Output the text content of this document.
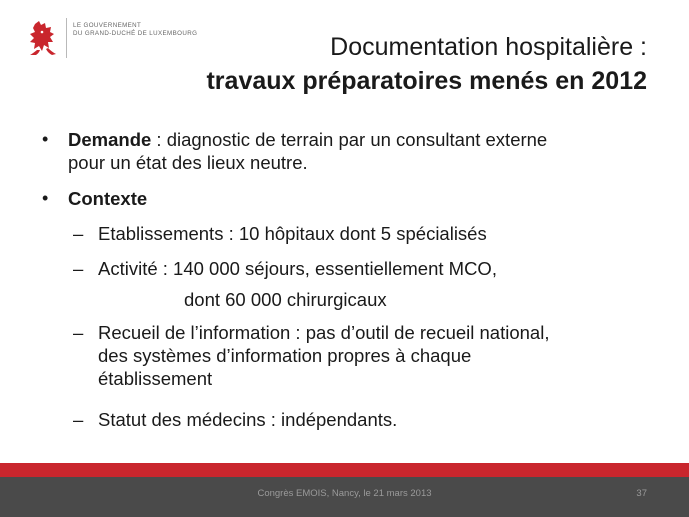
LE GOUVERNEMENT
DU GRAND-DUCHÉ DE LUXEMBOURG	Documentation hospitalière :
travaux préparatoires menés en 2012
• Demande : diagnostic de terrain par un consultant externe
pour un état des lieux neutre.
• Contexte
– Etablissements : 10 hôpitaux dont 5 spécialisés
– Activité : 140 000 séjours, essentiellement MCO,
dont 60 000 chirurgicaux
– Recueil de l’information : pas d’outil de recueil national,
des systèmes d’information propres à chaque
établissement
– Statut des médecins : indépendants.
Congrès EMOIS, Nancy, le 21 mars 2013	37
